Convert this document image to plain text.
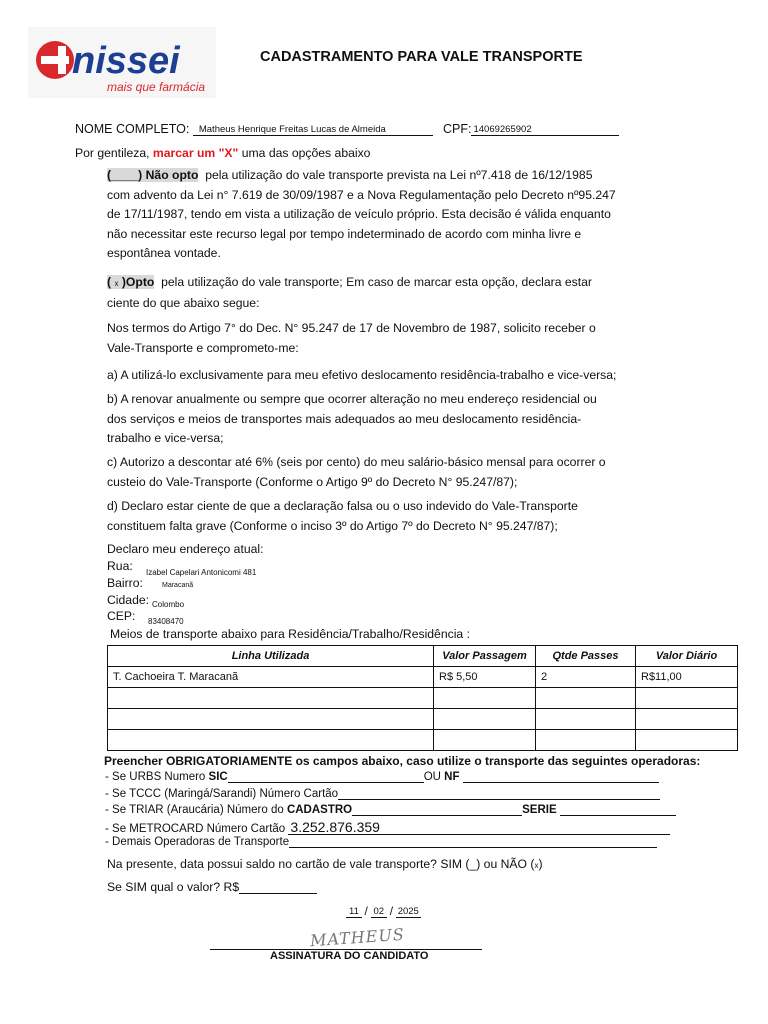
nissei
mais que farmácia
CADASTRAMENTO PARA VALE TRANSPORTE
NOME COMPLETO: Matheus Henrique Freitas Lucas de Almeida	CPF: 14069265902
Por gentileza, marcar um "X" uma das opções abaixo
(____) Não opto pela utilização do vale transporte prevista na Lei nº7.418 de 16/12/1985
com advento da Lei n° 7.619 de 30/09/1987 e a Nova Regulamentação pelo Decreto nº95.247
de 17/11/1987, tendo em vista a utilização de veículo próprio. Esta decisão é válida enquanto
não necessitar este recurso legal por tempo indeterminado de acordo com minha livre e
espontânea vontade.
( x )Opto pela utilização do vale transporte; Em caso de marcar esta opção, declara estar
ciente do que abaixo segue:
Nos termos do Artigo 7° do Dec. N° 95.247 de 17 de Novembro de 1987, solicito receber o
Vale-Transporte e comprometo-me:
a) A utilizá-lo exclusivamente para meu efetivo deslocamento residência-trabalho e vice-versa;
b) A renovar anualmente ou sempre que ocorrer alteração no meu endereço residencial ou
dos serviços e meios de transportes mais adequados ao meu deslocamento residência-
trabalho e vice-versa;
c) Autorizo a descontar até 6% (seis por cento) do meu salário-básico mensal para ocorrer o
custeio do Vale-Transporte (Conforme o Artigo 9º do Decreto N° 95.247/87);
d) Declaro estar ciente de que a declaração falsa ou o uso indevido do Vale-Transporte
constituem falta grave (Conforme o inciso 3º do Artigo 7º do Decreto N° 95.247/87);
Declaro meu endereço atual:
Rua: Izabel Capelari Antonicomi 481
Bairro:	Maracanã
Cidade: Colombo
CEP: 83408470
Meios de transporte abaixo para Residência/Trabalho/Residência :
Linha Utilizada	Valor Passagem	Qtde Passes	Valor Diário
T. Cachoeira T. Maracanã	R$ 5,50	2	R$11,00

Preencher OBRIGATORIAMENTE os campos abaixo, caso utilize o transporte das seguintes operadoras:
- Se URBS Numero SIC	OU NF
- Se TCCC (Maringá/Sarandi) Número Cartão
- Se TRIAR (Araucária) Número do CADASTRO	SERIE
- Se METROCARD Número Cartão 3.252.876.359
- Demais Operadoras de Transporte
Na presente, data possui saldo no cartão de vale transporte? SIM (_) ou NÃO (x)
Se SIM qual o valor? R$
11 / 02 / 2025
MATHEUS
ASSINATURA DO CANDIDATO
